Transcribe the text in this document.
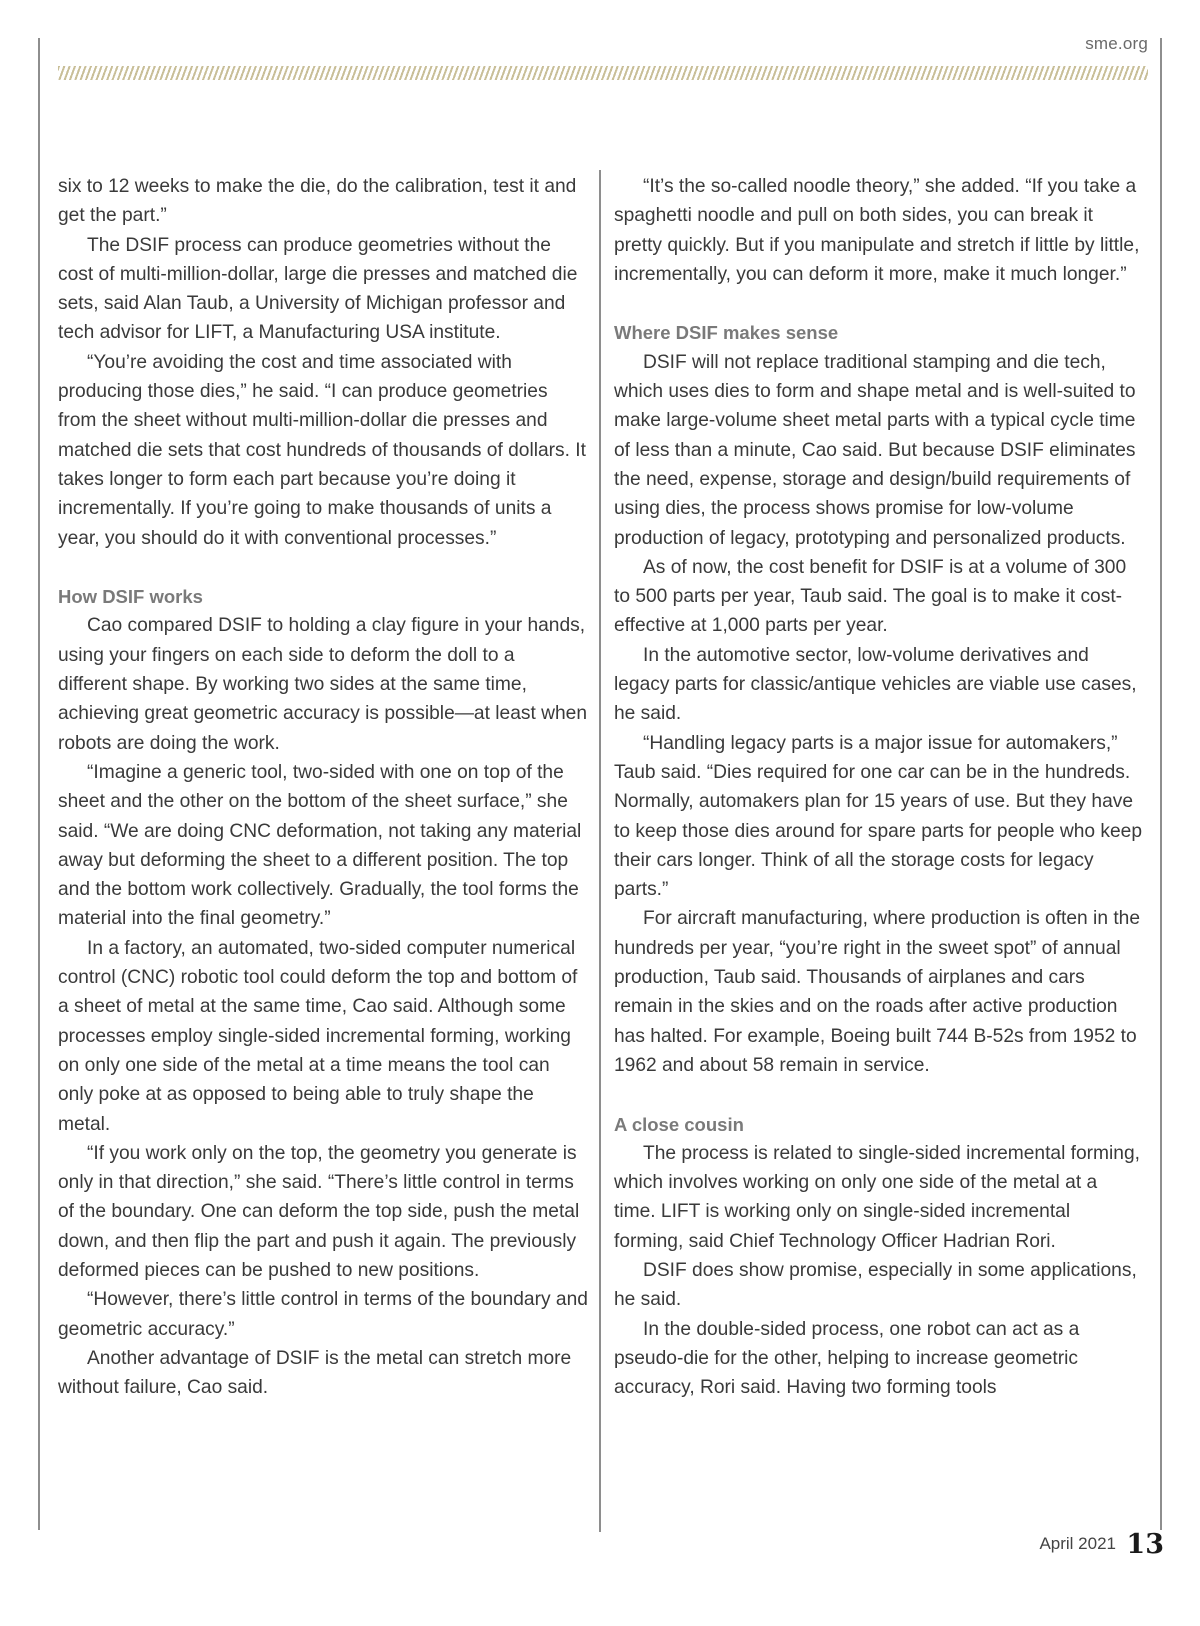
sme.org

six to 12 weeks to make the die, do the calibration, test it and get the part.”

The DSIF process can produce geometries without the cost of multi-million-dollar, large die presses and matched die sets, said Alan Taub, a University of Michigan professor and tech advisor for LIFT, a Manufacturing USA institute.

“You’re avoiding the cost and time associated with producing those dies,” he said. “I can produce geometries from the sheet without multi-million-dollar die presses and matched die sets that cost hundreds of thousands of dollars. It takes longer to form each part because you’re doing it incrementally. If you’re going to make thousands of units a year, you should do it with conventional processes.”

How DSIF works

Cao compared DSIF to holding a clay figure in your hands, using your fingers on each side to deform the doll to a different shape. By working two sides at the same time, achieving great geometric accuracy is possible—at least when robots are doing the work.

“Imagine a generic tool, two-sided with one on top of the sheet and the other on the bottom of the sheet surface,” she said. “We are doing CNC deformation, not taking any material away but deforming the sheet to a different position. The top and the bottom work collectively. Gradually, the tool forms the material into the final geometry.”

In a factory, an automated, two-sided computer numerical control (CNC) robotic tool could deform the top and bottom of a sheet of metal at the same time, Cao said. Although some processes employ single-sided incremental forming, working on only one side of the metal at a time means the tool can only poke at as opposed to being able to truly shape the metal.

“If you work only on the top, the geometry you generate is only in that direction,” she said. “There’s little control in terms of the boundary. One can deform the top side, push the metal down, and then flip the part and push it again. The previously deformed pieces can be pushed to new positions.

“However, there’s little control in terms of the boundary and geometric accuracy.”

Another advantage of DSIF is the metal can stretch more without failure, Cao said.

“It’s the so-called noodle theory,” she added. “If you take a spaghetti noodle and pull on both sides, you can break it pretty quickly. But if you manipulate and stretch if little by little, incrementally, you can deform it more, make it much longer.”

Where DSIF makes sense

DSIF will not replace traditional stamping and die tech, which uses dies to form and shape metal and is well-suited to make large-volume sheet metal parts with a typical cycle time of less than a minute, Cao said. But because DSIF eliminates the need, expense, storage and design/build requirements of using dies, the process shows promise for low-volume production of legacy, prototyping and personalized products.

As of now, the cost benefit for DSIF is at a volume of 300 to 500 parts per year, Taub said. The goal is to make it cost-effective at 1,000 parts per year.

In the automotive sector, low-volume derivatives and legacy parts for classic/antique vehicles are viable use cases, he said.

“Handling legacy parts is a major issue for automakers,” Taub said. “Dies required for one car can be in the hundreds. Normally, automakers plan for 15 years of use. But they have to keep those dies around for spare parts for people who keep their cars longer. Think of all the storage costs for legacy parts.”

For aircraft manufacturing, where production is often in the hundreds per year, “you’re right in the sweet spot” of annual production, Taub said. Thousands of airplanes and cars remain in the skies and on the roads after active production has halted. For example, Boeing built 744 B-52s from 1952 to 1962 and about 58 remain in service.

A close cousin

The process is related to single-sided incremental forming, which involves working on only one side of the metal at a time. LIFT is working only on single-sided incremental forming, said Chief Technology Officer Hadrian Rori.

DSIF does show promise, especially in some applications, he said.

In the double-sided process, one robot can act as a pseudo-die for the other, helping to increase geometric accuracy, Rori said. Having two forming tools

April 2021 13
